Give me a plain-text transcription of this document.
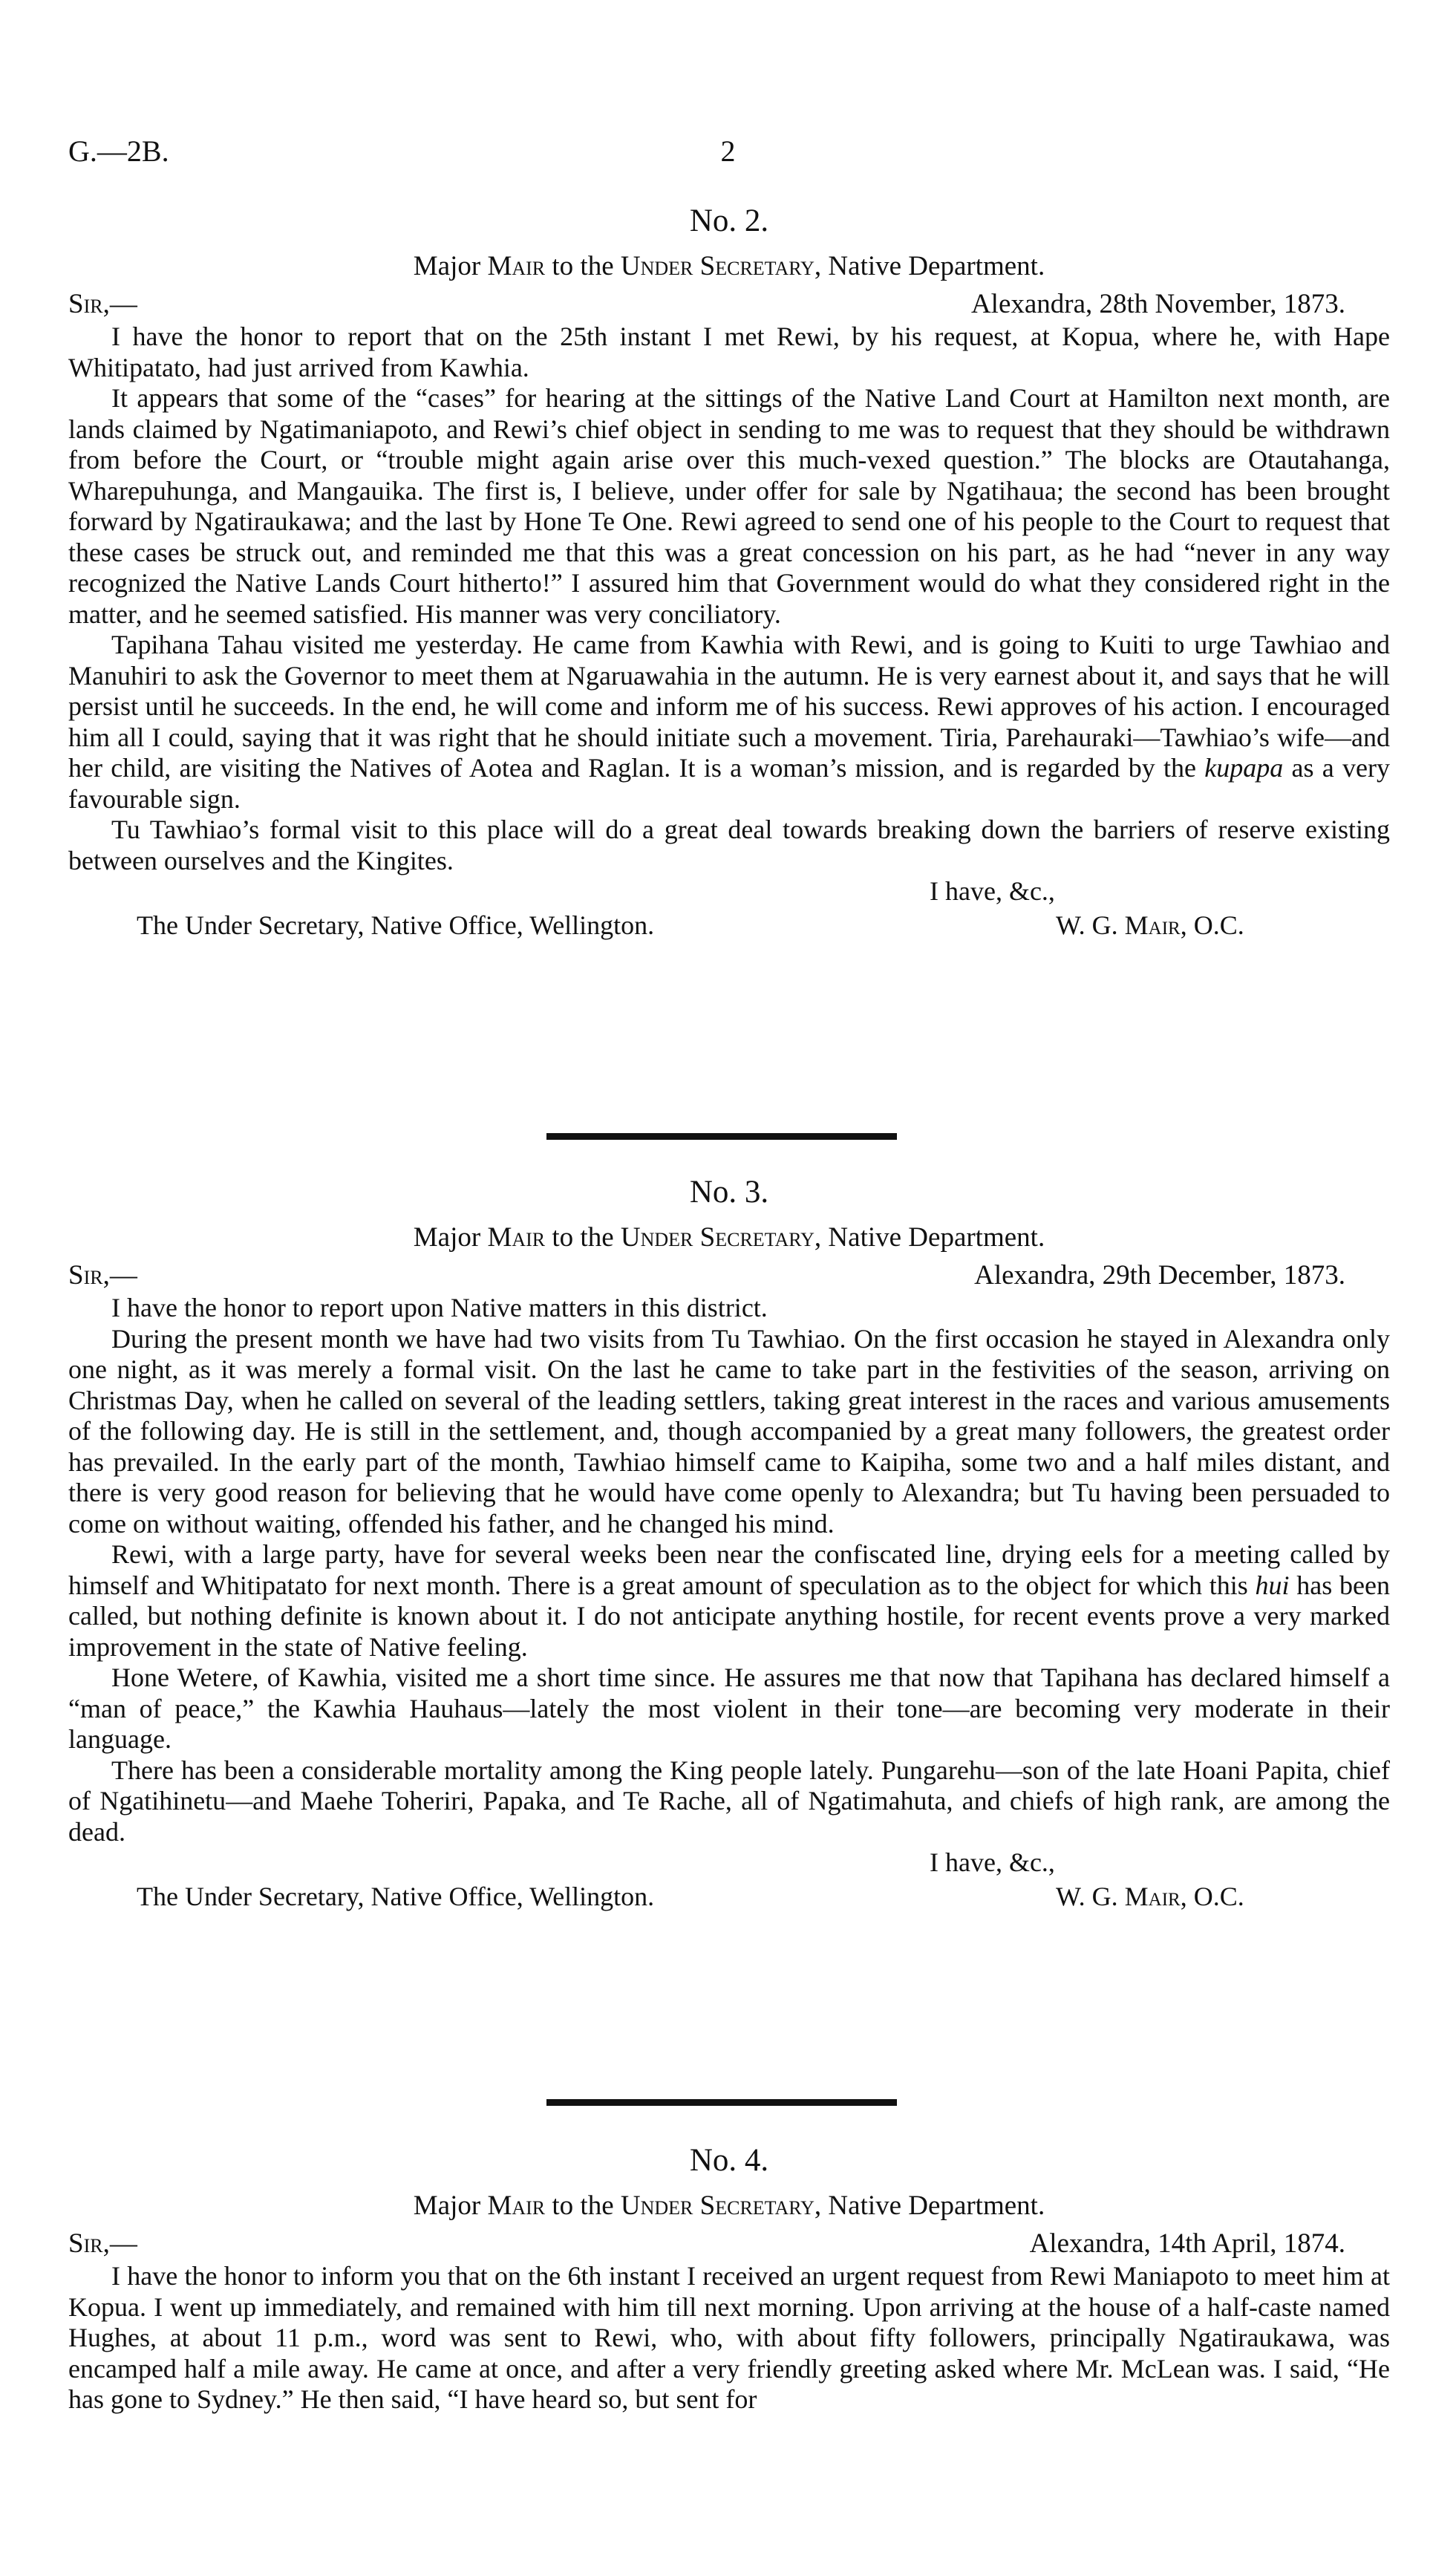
G.—2B.	2
No. 2.
Major Mair to the Under Secretary, Native Department.
Sir,—	Alexandra, 28th November, 1873.

I have the honor to report that on the 25th instant I met Rewi, by his request, at Kopua, where he, with Hape Whitipatato, had just arrived from Kawhia.

It appears that some of the “cases” for hearing at the sittings of the Native Land Court at Hamilton next month, are lands claimed by Ngatimaniapoto, and Rewi’s chief object in sending to me was to request that they should be withdrawn from before the Court, or “trouble might again arise over this much-vexed question.” The blocks are Otautahanga, Wharepuhunga, and Mangauika. The first is, I believe, under offer for sale by Ngatihaua; the second has been brought forward by Ngatiraukawa; and the last by Hone Te One. Rewi agreed to send one of his people to the Court to request that these cases be struck out, and reminded me that this was a great concession on his part, as he had “never in any way recognized the Native Lands Court hitherto!” I assured him that Government would do what they considered right in the matter, and he seemed satisfied. His manner was very conciliatory.

Tapihana Tahau visited me yesterday. He came from Kawhia with Rewi, and is going to Kuiti to urge Tawhiao and Manuhiri to ask the Governor to meet them at Ngaruawahia in the autumn. He is very earnest about it, and says that he will persist until he succeeds. In the end, he will come and inform me of his success. Rewi approves of his action. I encouraged him all I could, saying that it was right that he should initiate such a movement. Tiria, Parehauraki—Tawhiao’s wife—and her child, are visiting the Natives of Aotea and Raglan. It is a woman’s mission, and is regarded by the kupapa as a very favourable sign.

Tu Tawhiao’s formal visit to this place will do a great deal towards breaking down the barriers of reserve existing between ourselves and the Kingites.

I have, &c.,
The Under Secretary, Native Office, Wellington.	W. G. Mair, O.C.
No. 3.
Major Mair to the Under Secretary, Native Department.
Sir,—	Alexandra, 29th December, 1873.

I have the honor to report upon Native matters in this district.

During the present month we have had two visits from Tu Tawhiao. On the first occasion he stayed in Alexandra only one night, as it was merely a formal visit. On the last he came to take part in the festivities of the season, arriving on Christmas Day, when he called on several of the leading settlers, taking great interest in the races and various amusements of the following day. He is still in the settlement, and, though accompanied by a great many followers, the greatest order has prevailed. In the early part of the month, Tawhiao himself came to Kaipiha, some two and a half miles distant, and there is very good reason for believing that he would have come openly to Alexandra; but Tu having been persuaded to come on without waiting, offended his father, and he changed his mind.

Rewi, with a large party, have for several weeks been near the confiscated line, drying eels for a meeting called by himself and Whitipatato for next month. There is a great amount of speculation as to the object for which this hui has been called, but nothing definite is known about it. I do not anticipate anything hostile, for recent events prove a very marked improvement in the state of Native feeling.

Hone Wetere, of Kawhia, visited me a short time since. He assures me that now that Tapihana has declared himself a “man of peace,” the Kawhia Hauhaus—lately the most violent in their tone—are becoming very moderate in their language.

There has been a considerable mortality among the King people lately. Pungarehu—son of the late Hoani Papita, chief of Ngatihinetu—and Maehe Toheriri, Papaka, and Te Rache, all of Ngatimahuta, and chiefs of high rank, are among the dead.

I have, &c.,
The Under Secretary, Native Office, Wellington.	W. G. Mair, O.C.
No. 4.
Major Mair to the Under Secretary, Native Department.
Sir,—	Alexandra, 14th April, 1874.

I have the honor to inform you that on the 6th instant I received an urgent request from Rewi Maniapoto to meet him at Kopua. I went up immediately, and remained with him till next morning. Upon arriving at the house of a half-caste named Hughes, at about 11 p.m., word was sent to Rewi, who, with about fifty followers, principally Ngatiraukawa, was encamped half a mile away. He came at once, and after a very friendly greeting asked where Mr. McLean was. I said, “He has gone to Sydney.” He then said, “I have heard so, but sent for
